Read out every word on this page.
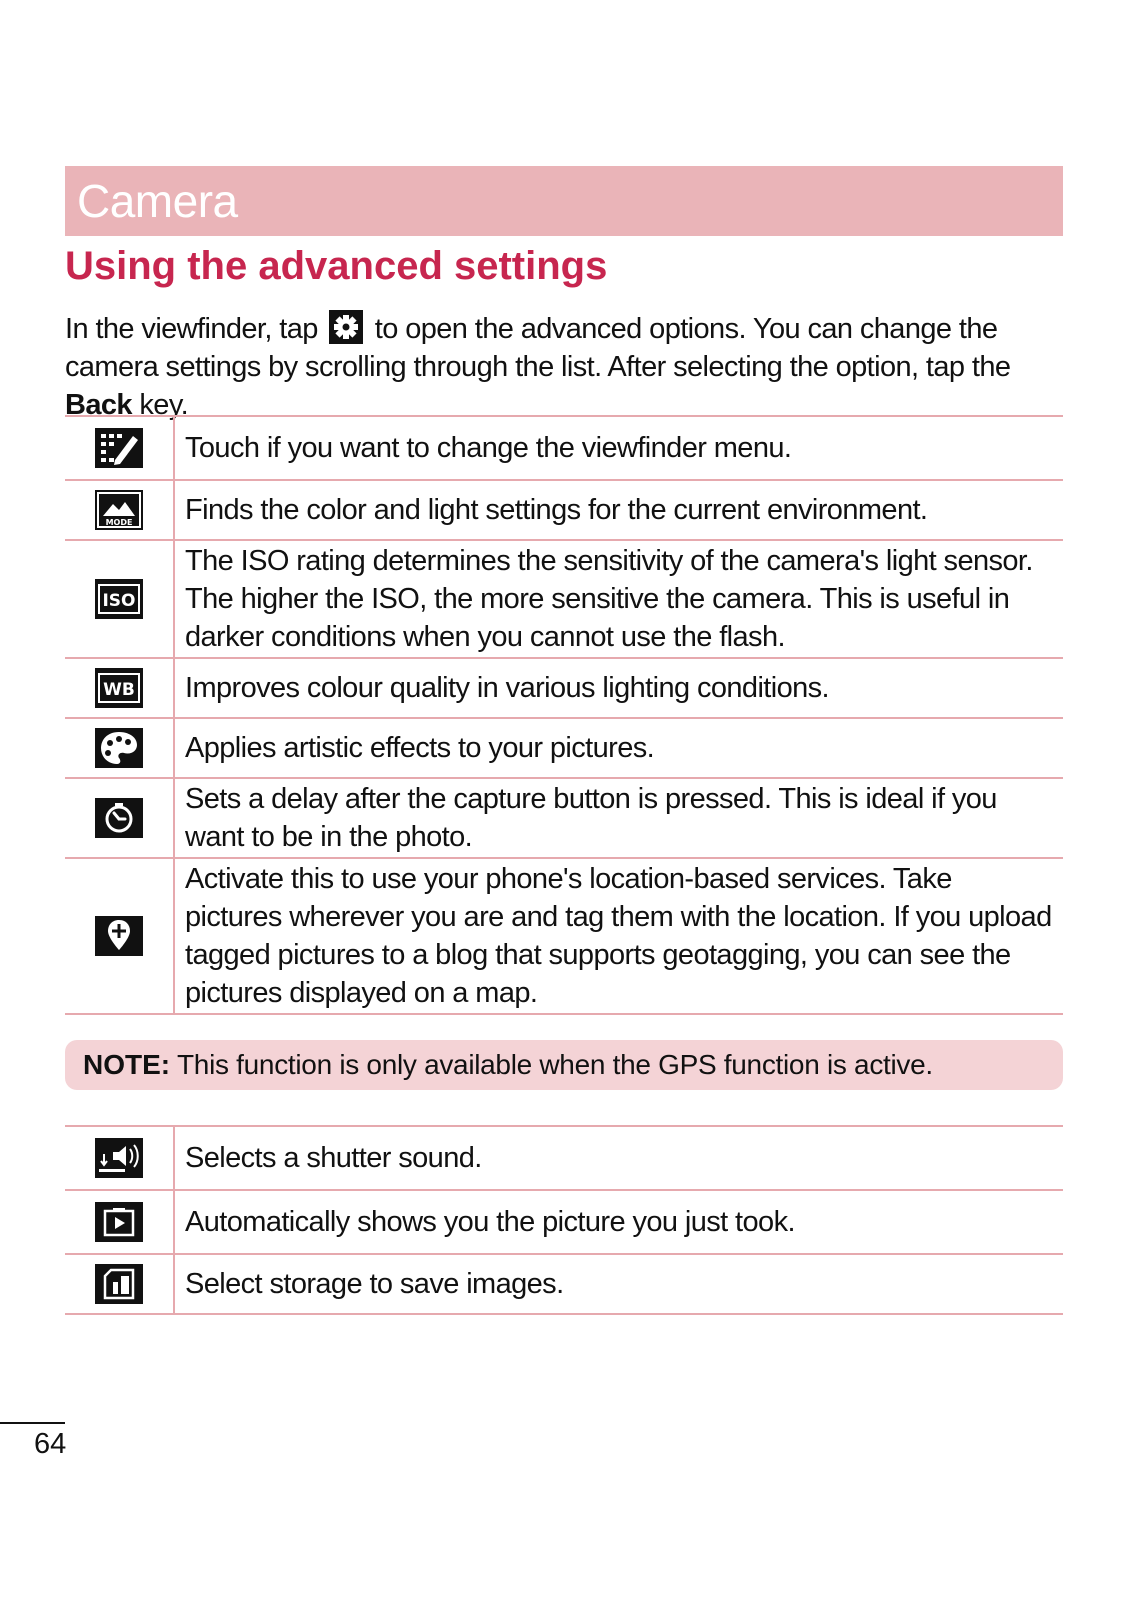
Camera
Using the advanced settings
In the viewfinder, tap to open the advanced options. You can change the camera settings by scrolling through the list. After selecting the option, tap the Back key.
	Touch if you want to change the viewfinder menu.

MODE	Finds the color and light settings for the current environment.

ISO	The ISO rating determines the sensitivity of the camera's light sensor. The higher the ISO, the more sensitive the camera. This is useful in darker conditions when you cannot use the flash.

WB	Improves colour quality in various lighting conditions.
	Applies artistic effects to your pictures.
	Sets a delay after the capture button is pressed. This is ideal if you want to be in the photo.
	Activate this to use your phone's location-based services. Take pictures wherever you are and tag them with the location. If you upload tagged pictures to a blog that supports geotagging, you can see the pictures displayed on a map.
NOTE: This function is only available when the GPS function is active.
	Selects a shutter sound.
	Automatically shows you the picture you just took.
	Select storage to save images.
64
